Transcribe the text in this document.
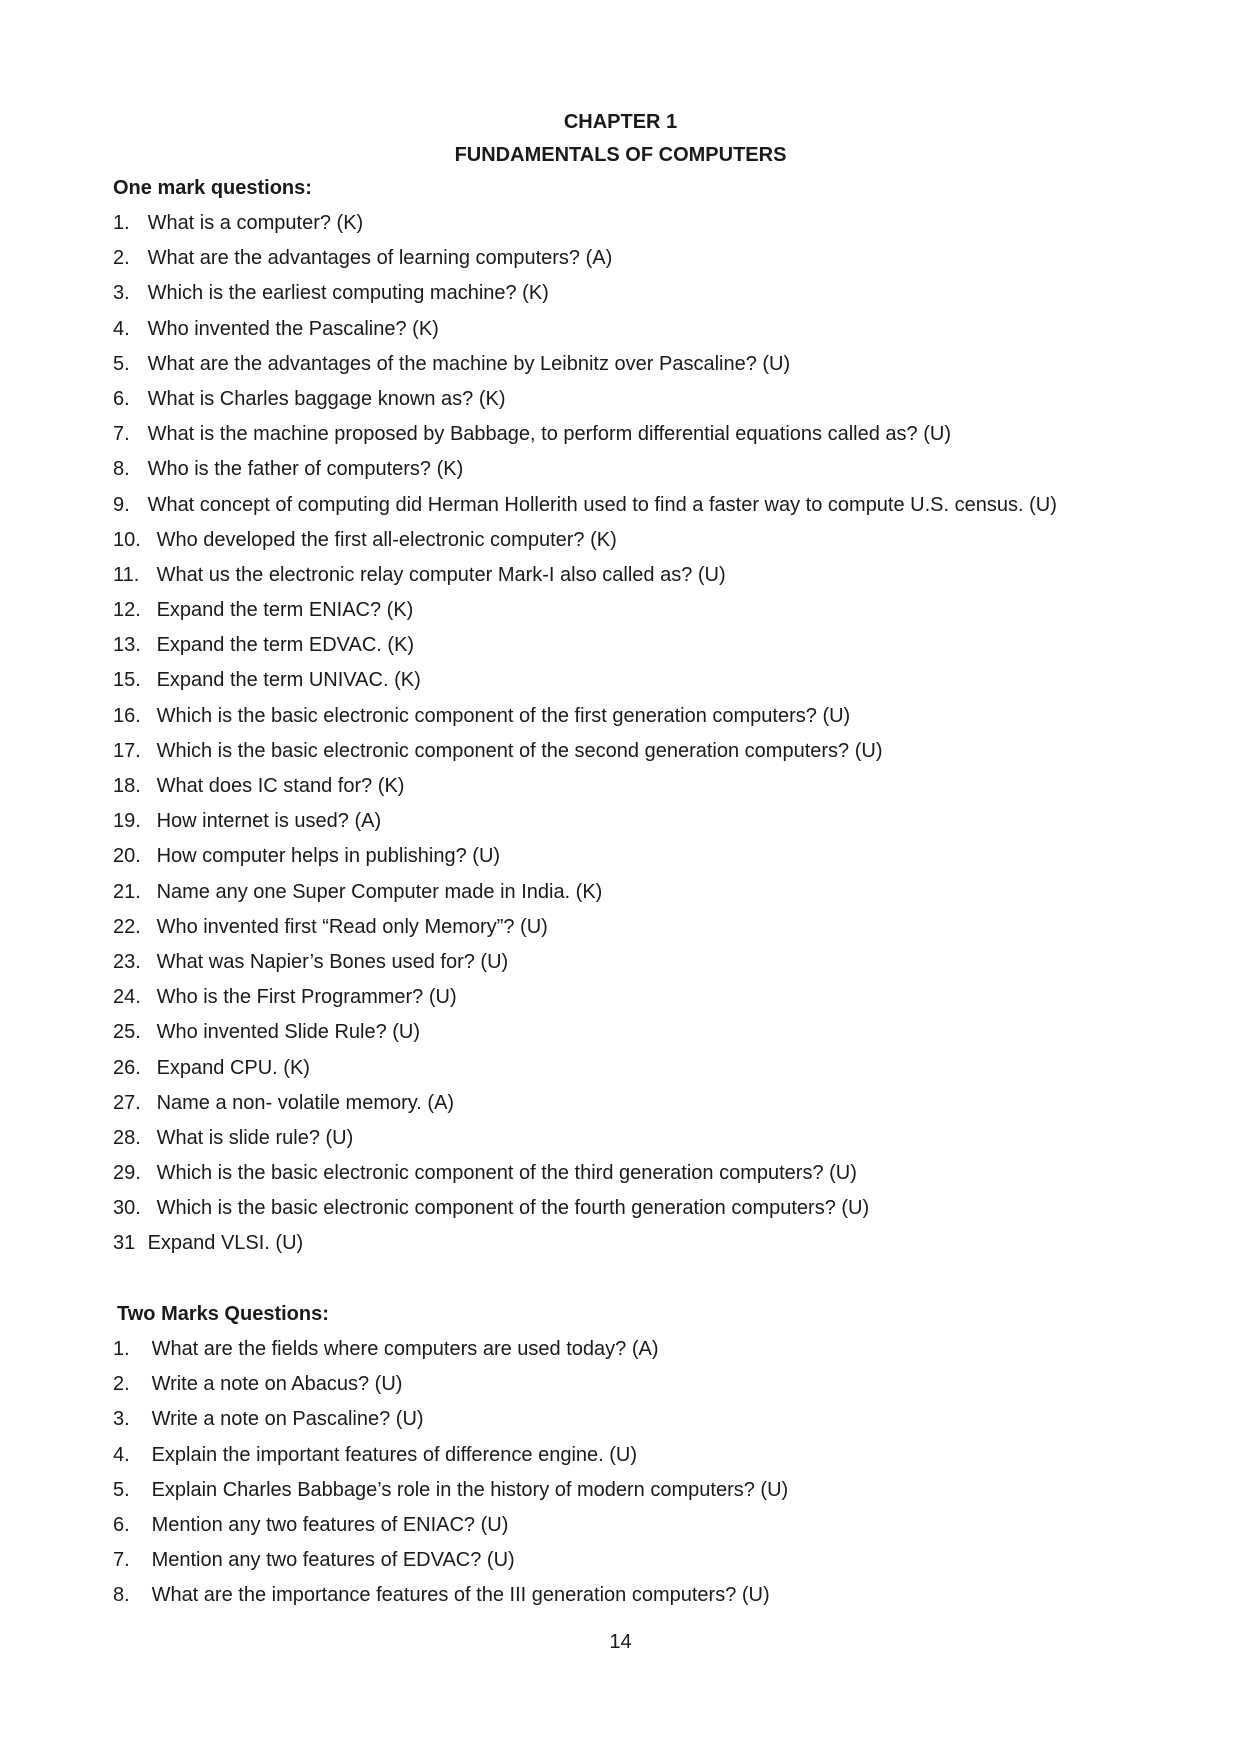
CHAPTER 1
FUNDAMENTALS OF COMPUTERS
One mark questions:
1. What is a computer? (K)
2. What are the advantages of learning computers? (A)
3. Which is the earliest computing machine? (K)
4. Who invented the Pascaline? (K)
5. What are the advantages of the machine by Leibnitz over Pascaline? (U)
6. What is Charles baggage known as? (K)
7. What is the machine proposed by Babbage, to perform differential equations called as? (U)
8. Who is the father of computers? (K)
9. What concept of computing did Herman Hollerith used to find a faster way to compute U.S. census. (U)
10. Who developed the first all-electronic computer? (K)
11. What us the electronic relay computer Mark-I also called as? (U)
12. Expand the term ENIAC? (K)
13. Expand the term EDVAC. (K)
15. Expand the term UNIVAC. (K)
16. Which is the basic electronic component of the first generation computers? (U)
17. Which is the basic electronic component of the second generation computers? (U)
18. What does IC stand for? (K)
19. How internet is used? (A)
20. How computer helps in publishing? (U)
21. Name any one Super Computer made in India. (K)
22. Who invented first “Read only Memory”? (U)
23. What was Napier’s Bones used for? (U)
24. Who is the First Programmer? (U)
25. Who invented Slide Rule? (U)
26. Expand CPU. (K)
27. Name a non- volatile memory. (A)
28. What is slide rule? (U)
29. Which is the basic electronic component of the third generation computers? (U)
30. Which is the basic electronic component of the fourth generation computers? (U)
31 Expand VLSI. (U)
Two Marks Questions:
1. What are the fields where computers are used today? (A)
2. Write a note on Abacus? (U)
3. Write a note on Pascaline? (U)
4. Explain the important features of difference engine. (U)
5. Explain Charles Babbage’s role in the history of modern computers? (U)
6. Mention any two features of ENIAC? (U)
7. Mention any two features of EDVAC? (U)
8. What are the importance features of the III generation computers? (U)
14
